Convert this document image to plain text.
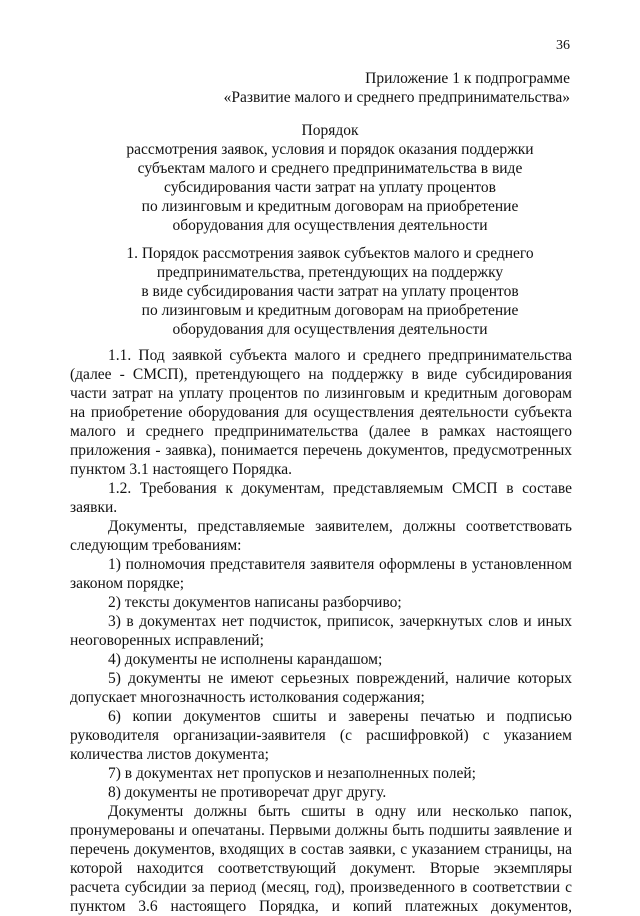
36
Приложение 1 к подпрограмме
«Развитие малого и среднего предпринимательства»
Порядок
рассмотрения заявок, условия и порядок оказания поддержки
субъектам малого и среднего предпринимательства в виде
субсидирования части затрат на уплату процентов
по лизинговым и кредитным договорам на приобретение
оборудования для осуществления деятельности
1. Порядок рассмотрения заявок субъектов малого и среднего
предпринимательства, претендующих на поддержку
в виде субсидирования части затрат на уплату процентов
по лизинговым и кредитным договорам на приобретение
оборудования для осуществления деятельности
1.1. Под заявкой субъекта малого и среднего предпринимательства
(далее - СМСП), претендующего на поддержку в виде субсидирования
части затрат на уплату процентов по лизинговым и кредитным договорам
на приобретение оборудования для осуществления деятельности субъекта
малого и среднего предпринимательства (далее в рамках настоящего
приложения - заявка), понимается перечень документов, предусмотренных
пунктом 3.1 настоящего Порядка.
1.2. Требования к документам, представляемым СМСП в составе
заявки.
Документы, представляемые заявителем, должны соответствовать
следующим требованиям:
1) полномочия представителя заявителя оформлены в установленном
законом порядке;
2) тексты документов написаны разборчиво;
3) в документах нет подчисток, приписок, зачеркнутых слов и иных
неоговоренных исправлений;
4) документы не исполнены карандашом;
5) документы не имеют серьезных повреждений, наличие которых
допускает многозначность истолкования содержания;
6) копии документов сшиты и заверены печатью и подписью
руководителя организации-заявителя (с расшифровкой) с указанием
количества листов документа;
7) в документах нет пропусков и незаполненных полей;
8) документы не противоречат друг другу.
Документы должны быть сшиты в одну или несколько папок,
пронумерованы и опечатаны. Первыми должны быть подшиты заявление и
перечень документов, входящих в состав заявки, с указанием страницы, на
которой находится соответствующий документ. Вторые экземпляры
расчета субсидии за период (месяц, год), произведенного в соответствии с
пунктом 3.6 настоящего Порядка, и копий платежных документов,
